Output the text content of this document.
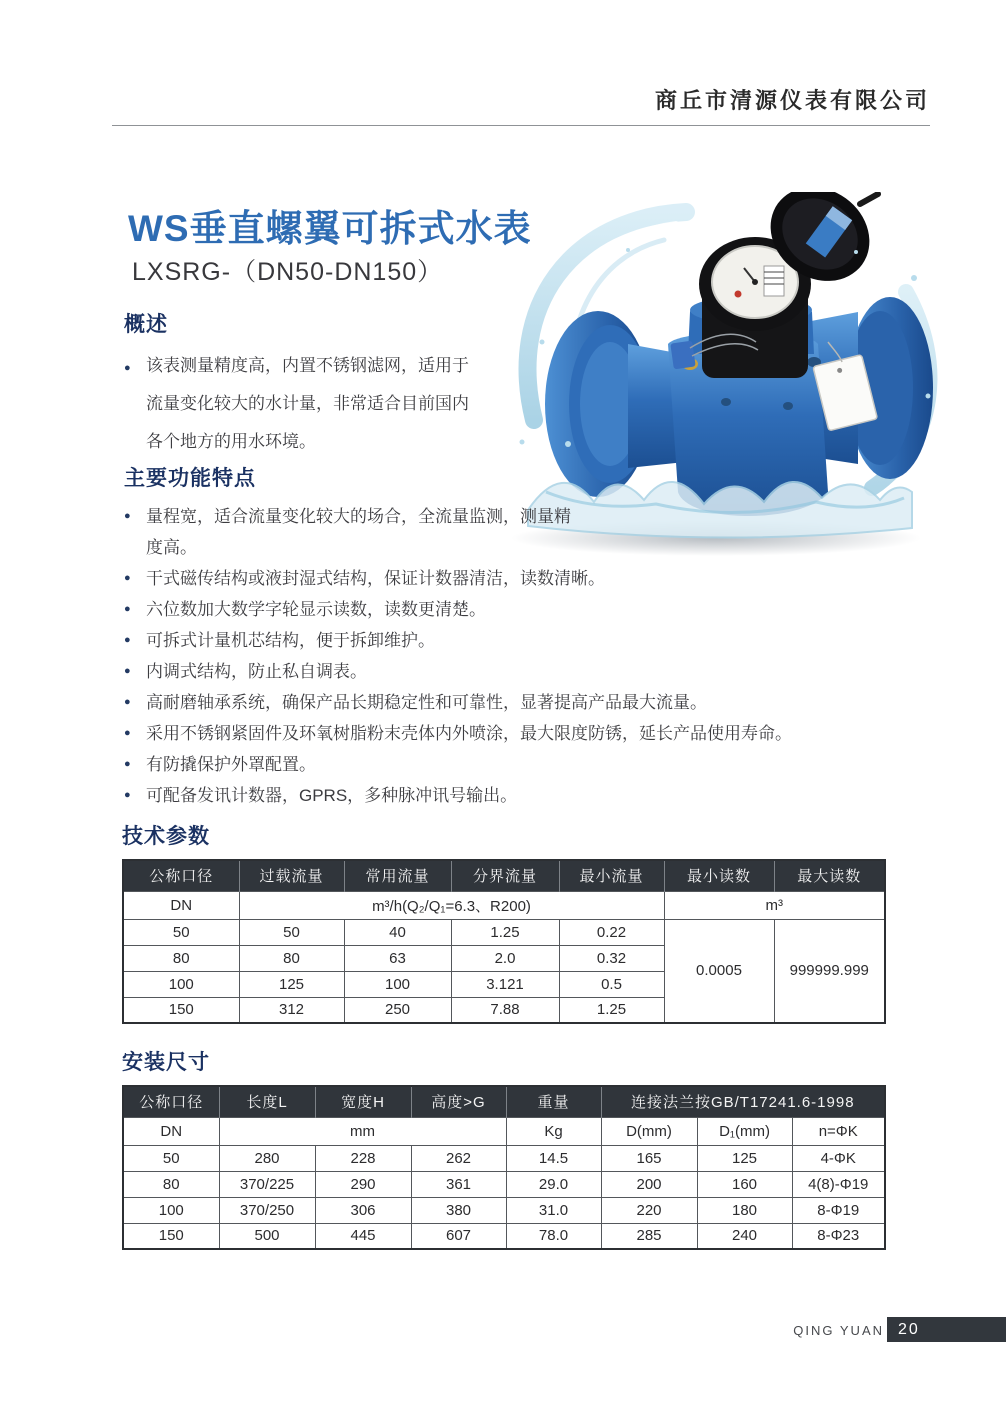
商丘市清源仪表有限公司
WS垂直螺翼可拆式水表
LXSRG-（DN50-DN150）
概述
● 该表测量精度高，内置不锈钢滤网，适用于流量变化较大的水计量，非常适合目前国内各个地方的用水环境。
主要功能特点
● 量程宽，适合流量变化较大的场合，全流量监测，测量精度高。
● 干式磁传结构或液封湿式结构，保证计数器清洁，读数清晰。
● 六位数加大数学字轮显示读数，读数更清楚。
● 可拆式计量机芯结构，便于拆卸维护。
● 内调式结构，防止私自调表。
● 高耐磨轴承系统，确保产品长期稳定性和可靠性，显著提高产品最大流量。
● 采用不锈钢紧固件及环氧树脂粉末壳体内外喷涂，最大限度防锈，延长产品使用寿命。
● 有防撬保护外罩配置。
● 可配备发讯计数器，GPRS，多种脉冲讯号输出。
技术参数
公称口径	过载流量	常用流量	分界流量	最小流量	最小读数	最大读数
DN	m³/h(Q₂/Q₁=6.3、R200)				m³	
50	50	40	1.25	0.22	0.0005	999999.999
80	80	63	2.0	0.32		
100	125	100	3.121	0.5		
150	312	250	7.88	1.25		
安装尺寸
公称口径	长度L	宽度H	高度>G	重量	连接法兰按GB/T17241.6-1998		
DN	mm			Kg	D(mm)	D₁(mm)	n=ΦK
50	280	228	262	14.5	165	125	4-ΦK
80	370/225	290	361	29.0	200	160	4(8)-Φ19
100	370/250	306	380	31.0	220	180	8-Φ19
150	500	445	607	78.0	285	240	8-Φ23
QING YUAN 20
